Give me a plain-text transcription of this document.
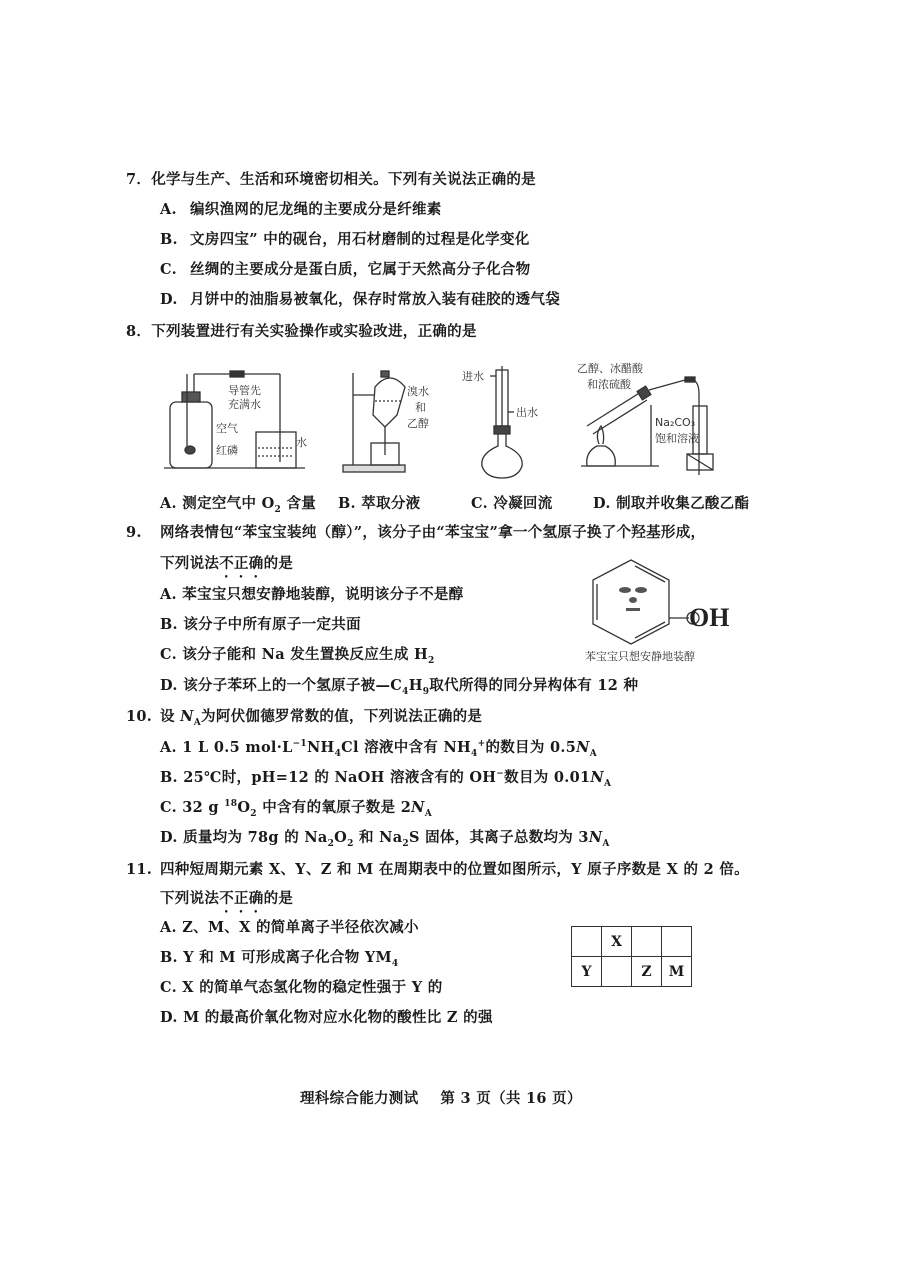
7．化学与生产、生活和环境密切相关。下列有关说法正确的是
A. 编织渔网的尼龙绳的主要成分是纤维素
B. 文房四宝” 中的砚台，用石材磨制的过程是化学变化
C. 丝绸的主要成分是蛋白质，它属于天然高分子化合物
D. 月饼中的油脂易被氧化，保存时常放入装有硅胶的透气袋
8．下列装置进行有关实验操作或实验改进，正确的是
导管先
充满水
空气
红磷
水
溴水
和
乙醇
进水
出水
乙醇、冰醋酸
和浓硫酸
Na₂CO₃
饱和溶液
A. 测定空气中 $O_2$ 含量 B. 萃取分液	C. 冷凝回流	D. 制取并收集乙酸乙酯
9. 网络表情包“苯宝宝装纯（醇）”，该分子由“苯宝宝”拿一个氢原子换了个羟基形成，
下列说法不正确的是
A. 苯宝宝只想安静地装醇，说明该分子不是醇
B. 该分子中所有原子一定共面
C. 该分子能和 Na 发生置换反应生成 $H_2$
D. 该分子苯环上的一个氢原子被$—C_4H_9$取代所得的同分异构体有 12 种
OH
苯宝宝只想安静地装醇
10. 设 $N_A$为阿伏伽德罗常数的值，下列说法正确的是
A. 1 L 0.5 $mol\cdot L^{-1}NH_4Cl$ 溶液中含有 $NH_4^+$的数目为 $0.5N_A$
B. 25℃时，pH=12 的 NaOH 溶液含有的 OH−数目为 $0.01N_A$
C. 32 g $^{18}O_2$ 中含有的氧原子数是 $2N_A$
D. 质量均为 78g 的 $Na_2O_2$ 和 $Na_2S$ 固体，其离子总数均为 $3N_A$
11. 四种短周期元素 X、Y、Z 和 M 在周期表中的位置如图所示，Y 原子序数是 X 的 2 倍。
下列说法不正确的是
A. Z、M、X 的简单离子半径依次减小
B. Y 和 M 可形成离子化合物 $YM_4$
C. X 的简单气态氢化物的稳定性强于 Y 的
D. M 的最高价氧化物对应水化物的酸性比 Z 的强
	X		
Y		Z	M
理科综合能力测试 第 3 页（共 16 页）
